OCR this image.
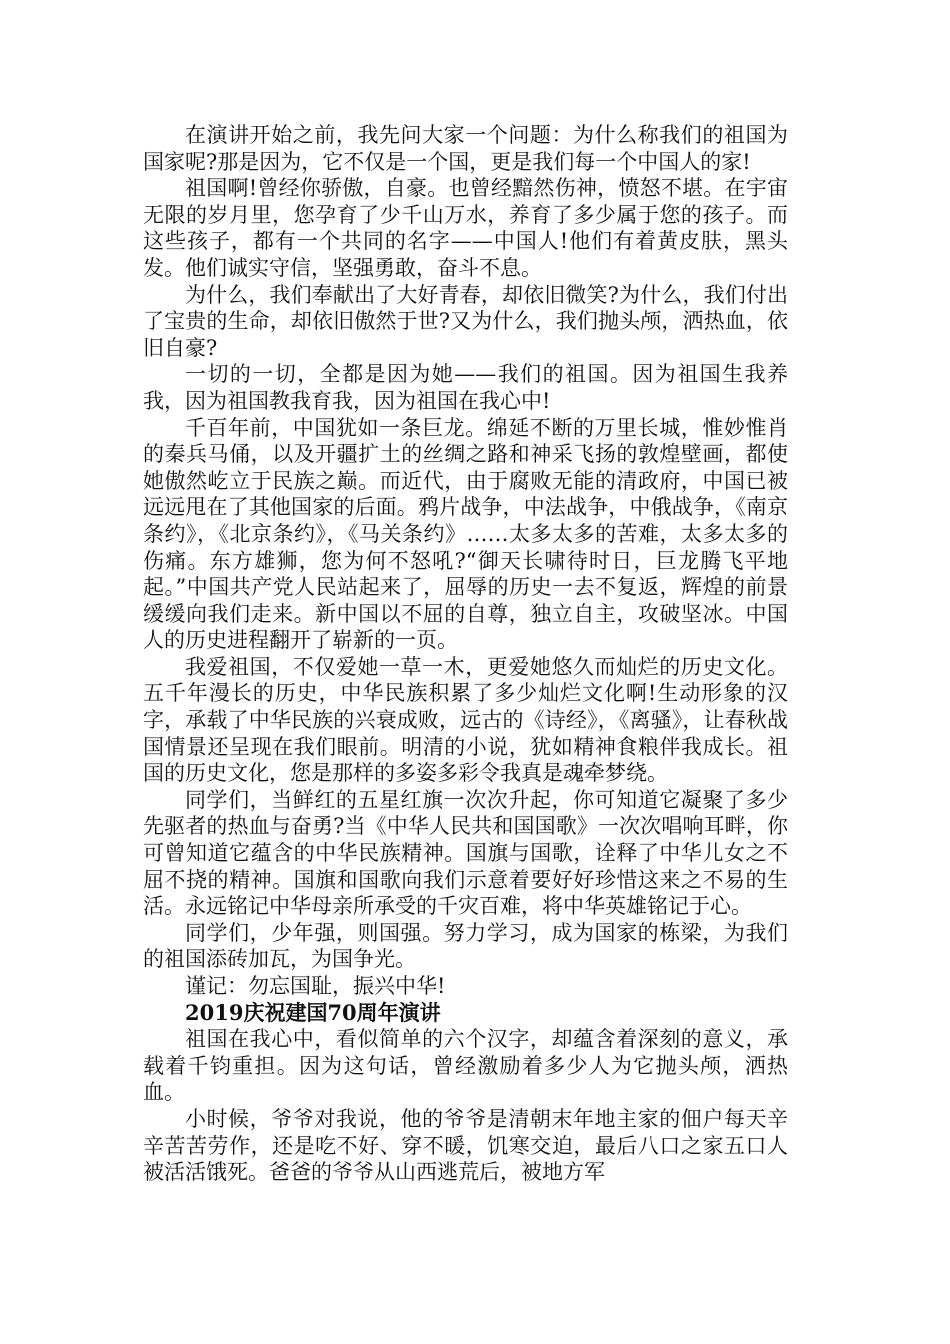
在演讲开始之前，我先问大家一个问题：为什么称我们的祖国为国家呢?那是因为，它不仅是一个国，更是我们每一个中国人的家!

祖国啊!曾经你骄傲，自豪。也曾经黯然伤神，愤怒不堪。在宇宙无限的岁月里，您孕育了少千山万水，养育了多少属于您的孩子。而这些孩子，都有一个共同的名字——中国人!他们有着黄皮肤，黑头发。他们诚实守信，坚强勇敢，奋斗不息。

为什么，我们奉献出了大好青春，却依旧微笑?为什么，我们付出了宝贵的生命，却依旧傲然于世?又为什么，我们抛头颅，洒热血，依旧自豪?

一切的一切，全都是因为她——我们的祖国。因为祖国生我养我，因为祖国教我育我，因为祖国在我心中!

千百年前，中国犹如一条巨龙。绵延不断的万里长城，惟妙惟肖的秦兵马俑，以及开疆扩土的丝绸之路和神采飞扬的敦煌壁画，都使她傲然屹立于民族之巅。而近代，由于腐败无能的清政府，中国已被远远甩在了其他国家的后面。鸦片战争，中法战争，中俄战争，《南京条约》，《北京条约》，《马关条约》……太多太多的苦难，太多太多的伤痛。东方雄狮，您为何不怒吼?“御天长啸待时日，巨龙腾飞平地起。”中国共产党人民站起来了，屈辱的历史一去不复返，辉煌的前景缓缓向我们走来。新中国以不屈的自尊，独立自主，攻破坚冰。中国人的历史进程翻开了崭新的一页。

我爱祖国，不仅爱她一草一木，更爱她悠久而灿烂的历史文化。五千年漫长的历史，中华民族积累了多少灿烂文化啊!生动形象的汉字，承载了中华民族的兴衰成败，远古的《诗经》，《离骚》，让春秋战国情景还呈现在我们眼前。明清的小说，犹如精神食粮伴我成长。祖国的历史文化，您是那样的多姿多彩令我真是魂牵梦绕。

同学们，当鲜红的五星红旗一次次升起，你可知道它凝聚了多少先驱者的热血与奋勇?当《中华人民共和国国歌》一次次唱响耳畔，你可曾知道它蕴含的中华民族精神。国旗与国歌，诠释了中华儿女之不屈不挠的精神。国旗和国歌向我们示意着要好好珍惜这来之不易的生活。永远铭记中华母亲所承受的千灾百难，将中华英雄铭记于心。

同学们，少年强，则国强。努力学习，成为国家的栋梁，为我们的祖国添砖加瓦，为国争光。

谨记：勿忘国耻，振兴中华!

2019庆祝建国70周年演讲

祖国在我心中，看似简单的六个汉字，却蕴含着深刻的意义，承载着千钧重担。因为这句话，曾经激励着多少人为它抛头颅，洒热血。

小时候，爷爷对我说，他的爷爷是清朝末年地主家的佃户每天辛辛苦苦劳作，还是吃不好、穿不暖，饥寒交迫，最后八口之家五口人被活活饿死。爸爸的爷爷从山西逃荒后，被地方军
